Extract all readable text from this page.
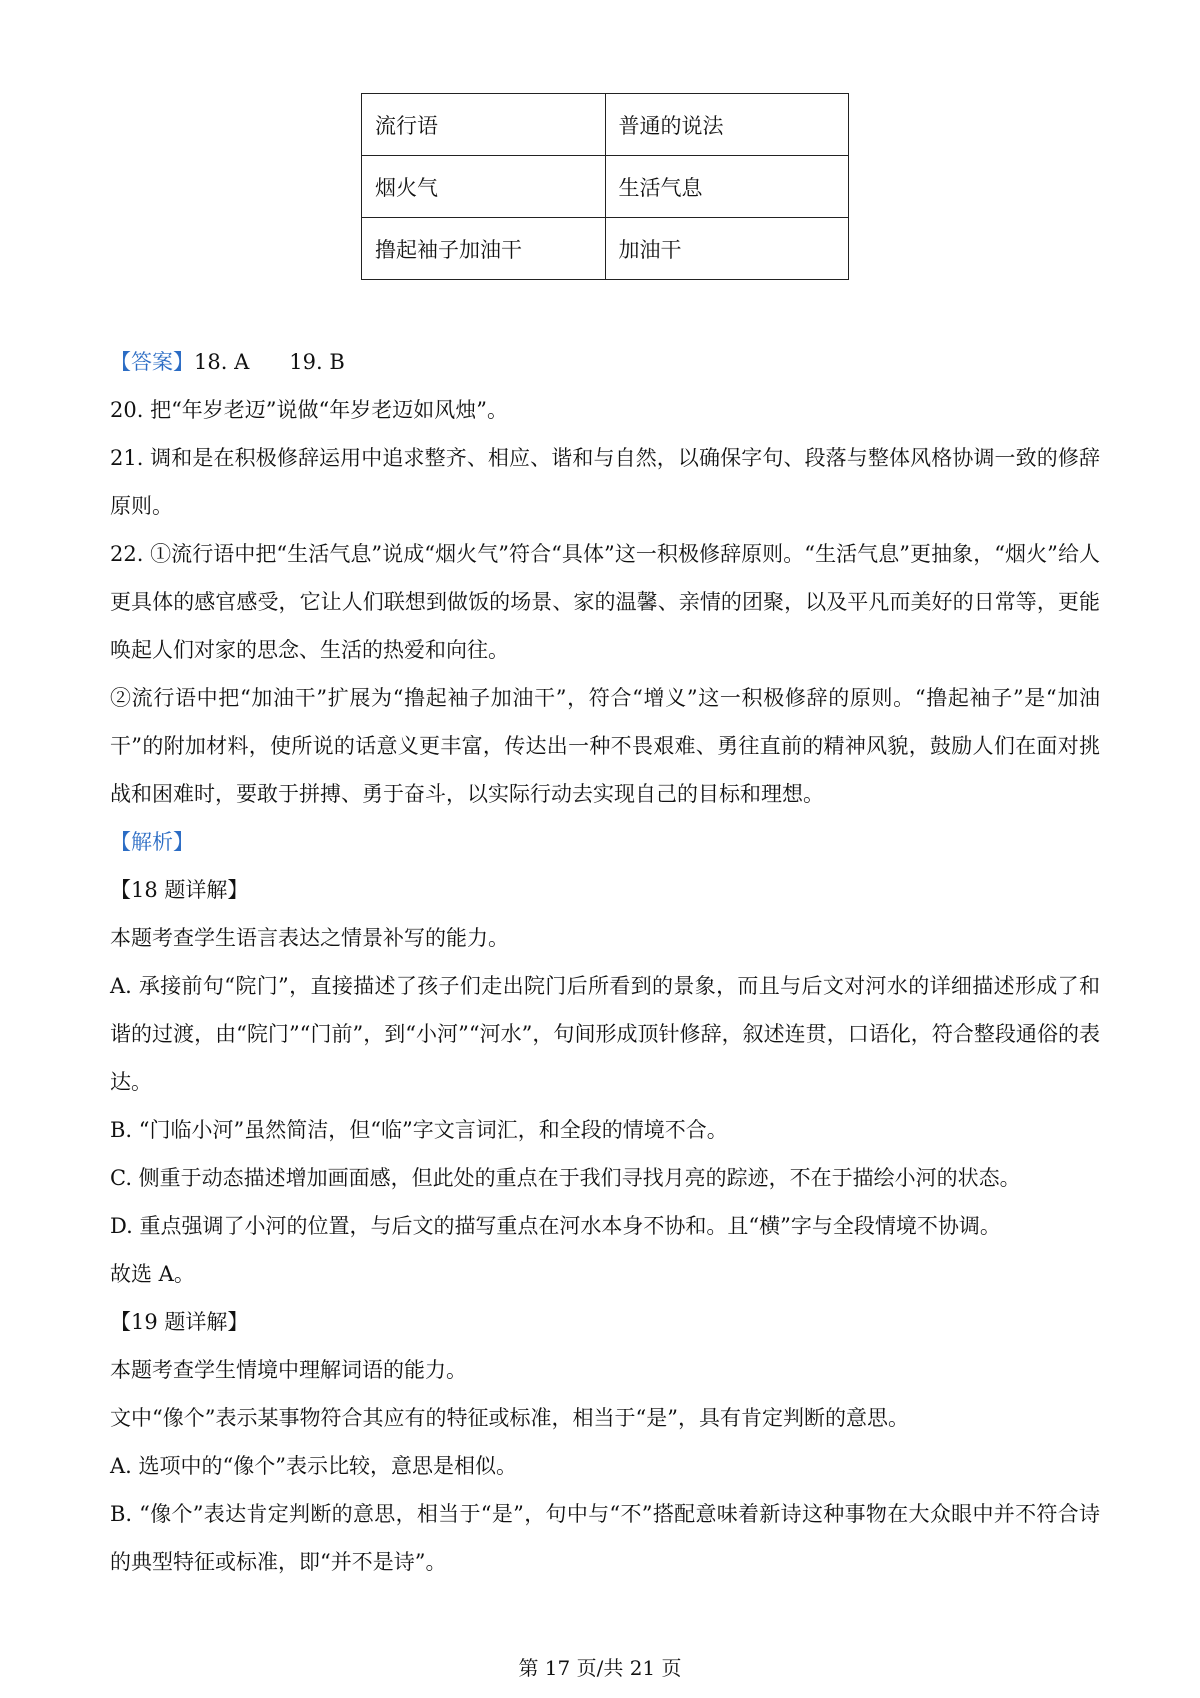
流行语	普通的说法
烟火气	生活气息
撸起袖子加油干	加油干

【答案】18. A 19. B

20. 把“年岁老迈”说做“年岁老迈如风烛”。

21. 调和是在积极修辞运用中追求整齐、相应、谐和与自然，以确保字句、段落与整体风格协调一致的修辞原则。

22. ①流行语中把“生活气息”说成“烟火气”符合“具体”这一积极修辞原则。“生活气息”更抽象，“烟火”给人更具体的感官感受，它让人们联想到做饭的场景、家的温馨、亲情的团聚，以及平凡而美好的日常等，更能唤起人们对家的思念、生活的热爱和向往。

②流行语中把“加油干”扩展为“撸起袖子加油干”，符合“增义”这一积极修辞的原则。“撸起袖子”是“加油干”的附加材料，使所说的话意义更丰富，传达出一种不畏艰难、勇往直前的精神风貌，鼓励人们在面对挑战和困难时，要敢于拼搏、勇于奋斗，以实际行动去实现自己的目标和理想。

【解析】

【18 题详解】

本题考查学生语言表达之情景补写的能力。

A. 承接前句“院门”，直接描述了孩子们走出院门后所看到的景象，而且与后文对河水的详细描述形成了和谐的过渡，由“院门”“门前”，到“小河”“河水”，句间形成顶针修辞，叙述连贯，口语化，符合整段通俗的表达。

B. “门临小河”虽然简洁，但“临”字文言词汇，和全段的情境不合。

C. 侧重于动态描述增加画面感，但此处的重点在于我们寻找月亮的踪迹，不在于描绘小河的状态。

D. 重点强调了小河的位置，与后文的描写重点在河水本身不协和。且“横”字与全段情境不协调。

故选 A。

【19 题详解】

本题考查学生情境中理解词语的能力。

文中“像个”表示某事物符合其应有的特征或标准，相当于“是”，具有肯定判断的意思。

A. 选项中的“像个”表示比较，意思是相似。

B. “像个”表达肯定判断的意思，相当于“是”，句中与“不”搭配意味着新诗这种事物在大众眼中并不符合诗的典型特征或标准，即“并不是诗”。

第 17 页/共 21 页
